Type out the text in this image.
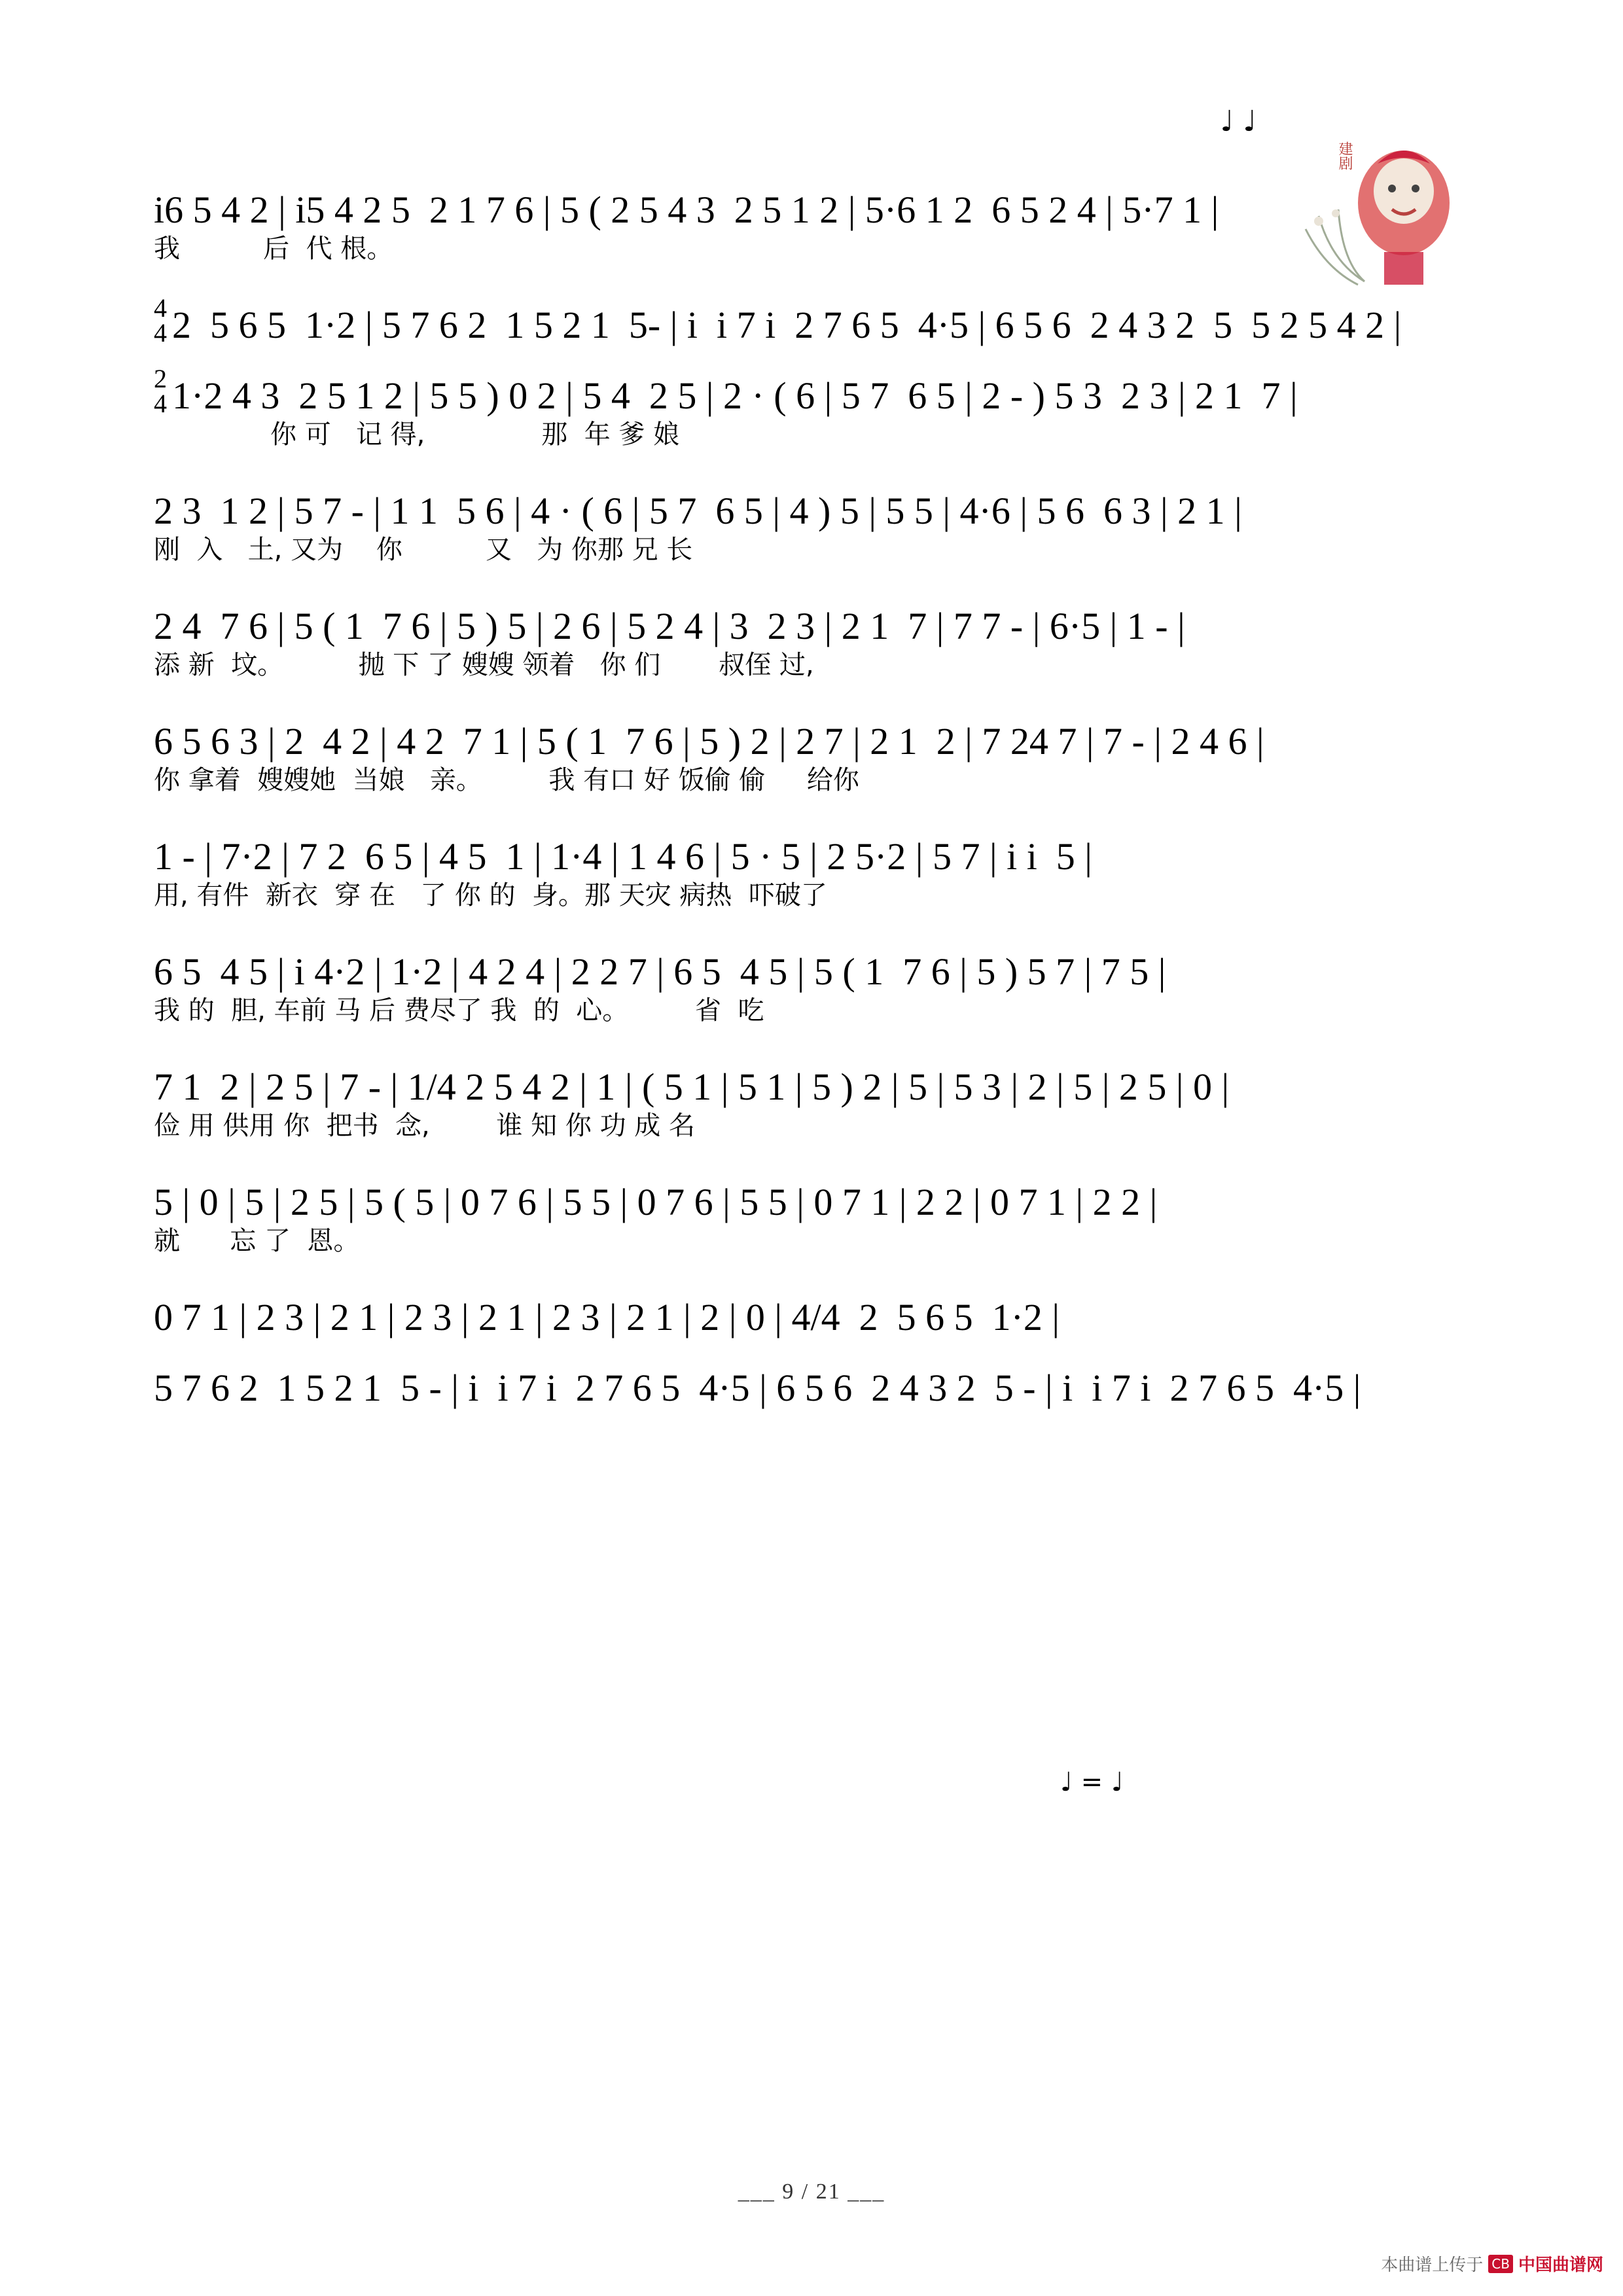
建剧
♩ ♩
♩ = ♩
i6 5 4 2 | i5 4 2 5  2 1 7 6 | 5 ( 2 5 4 3  2 5 1 2 | 5·6 1 2  6 5 2 4 | 5·7 1 |
我          后  代 根。
4
4 2  5 6 5  1·2 | 5 7 6 2  1 5 2 1  5- | i  i 7 i  2 7 6 5  4·5 | 6 5 6  2 4 3 2  5  5 2 5 4 2 |
2
4 1·2 4 3  2 5 1 2 | 5 5 ) 0 2 | 5 4  2 5 | 2 · ( 6 | 5 7  6 5 | 2 - ) 5 3  2 3 | 2 1  7 |
你 可   记 得,              那  年 爹 娘
2 3  1 2 | 5 7 - | 1 1  5 6 | 4 · ( 6 | 5 7  6 5 | 4 ) 5 | 5 5 | 4·6 | 5 6  6 3 | 2 1 |
刚  入   土, 又为    你          又   为 你那 兄 长
2 4  7 6 | 5 ( 1  7 6 | 5 ) 5 | 2 6 | 5 2 4 | 3  2 3 | 2 1  7 | 7 7 - | 6·5 | 1 - |
添 新  坟。         抛 下 了 嫂嫂 领着   你 们       叔侄 过,
6 5 6 3 | 2  4 2 | 4 2  7 1 | 5 ( 1  7 6 | 5 ) 2 | 2 7 | 2 1  2 | 7 24 7 | 7 - | 2 4 6 |
你 拿着  嫂嫂她  当娘   亲。        我 有口 好 饭偷 偷     给你
1 - | 7·2 | 7 2  6 5 | 4 5  1 | 1·4 | 1 4 6 | 5 · 5 | 2 5·2 | 5 7 | i i  5 |
用, 有件  新衣  穿 在   了 你 的  身。那 天灾 病热  吓破了
6 5  4 5 | i 4·2 | 1·2 | 4 2 4 | 2 2 7 | 6 5  4 5 | 5 ( 1  7 6 | 5 ) 5 7 | 7 5 |
我 的  胆, 车前 马 后 费尽了 我  的  心。        省  吃
7 1  2 | 2 5 | 7 - | 1/4 2 5 4 2 | 1 | ( 5 1 | 5 1 | 5 ) 2 | 5 | 5 3 | 2 | 5 | 2 5 | 0 |
俭 用 供用 你  把书  念,        谁 知 你 功 成 名
5 | 0 | 5 | 2 5 | 5 ( 5 | 0 7 6 | 5 5 | 0 7 6 | 5 5 | 0 7 1 | 2 2 | 0 7 1 | 2 2 |
就      忘 了  恩。
0 7 1 | 2 3 | 2 1 | 2 3 | 2 1 | 2 3 | 2 1 | 2 | 0 | 4/4  2  5 6 5  1·2 |
5 7 6 2  1 5 2 1  5 - | i  i 7 i  2 7 6 5  4·5 | 6 5 6  2 4 3 2  5 - | i  i 7 i  2 7 6 5  4·5 |
___ 9 / 21 ___
本曲谱上传于 CB 中国曲谱网
